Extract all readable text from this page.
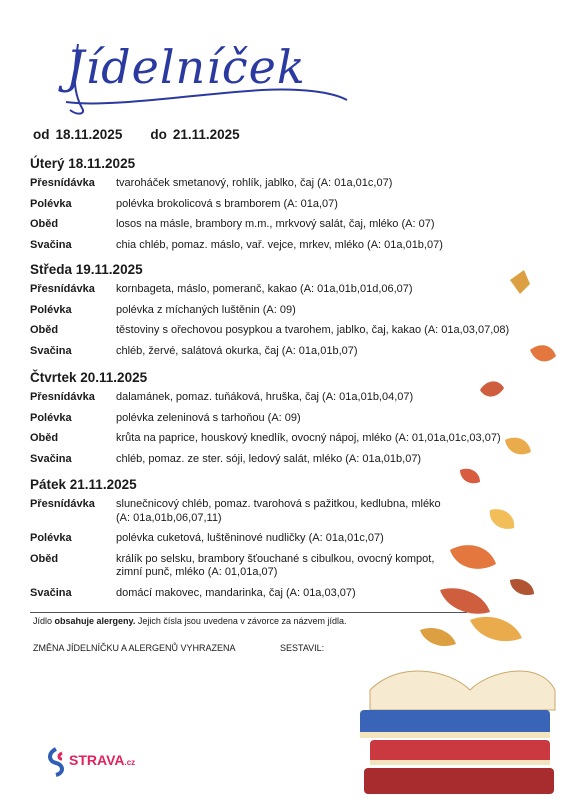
Jídelníček
od 18.11.2025 do 21.11.2025
Úterý 18.11.2025
Přesnídávka	tvaroháček smetanový, rohlík, jablko, čaj (A: 01a,01c,07)
Polévka	polévka brokolicová s bramborem (A: 01a,07)
Oběd	losos na másle, brambory m.m., mrkvový salát, čaj, mléko (A: 07)
Svačina	chia chléb, pomaz. máslo, vař. vejce, mrkev, mléko (A: 01a,01b,07)
Středa 19.11.2025
Přesnídávka	kornbageta, máslo, pomeranč, kakao (A: 01a,01b,01d,06,07)
Polévka	polévka z míchaných luštěnin (A: 09)
Oběd	těstoviny s ořechovou posypkou a tvarohem, jablko, čaj, kakao (A: 01a,03,07,08)
Svačina	chléb, žervé, salátová okurka, čaj (A: 01a,01b,07)
Čtvrtek 20.11.2025
Přesnídávka	dalamánek, pomaz. tuňáková, hruška, čaj (A: 01a,01b,04,07)
Polévka	polévka zeleninová s tarhoňou (A: 09)
Oběd	krůta na paprice, houskový knedlík, ovocný nápoj, mléko (A: 01,01a,01c,03,07)
Svačina	chléb, pomaz. ze ster. sóji, ledový salát, mléko (A: 01a,01b,07)
Pátek 21.11.2025
Přesnídávka	slunečnicový chléb, pomaz. tvarohová s pažitkou, kedlubna, mléko (A: 01a,01b,06,07,11)
Polévka	polévka cuketová, luštěninové nudličky (A: 01a,01c,07)
Oběd	králík po selsku, brambory šťouchané s cibulkou, ovocný kompot, zimní punč, mléko (A: 01,01a,07)
Svačina	domácí makovec, mandarinka, čaj (A: 01a,03,07)
Jídlo obsahuje alergeny. Jejich čísla jsou uvedena v závorce za názvem jídla.
ZMĚNA JÍDELNÍČKU A ALERGENŮ VYHRAZENA	SESTAVIL:
STRAVA.cz
